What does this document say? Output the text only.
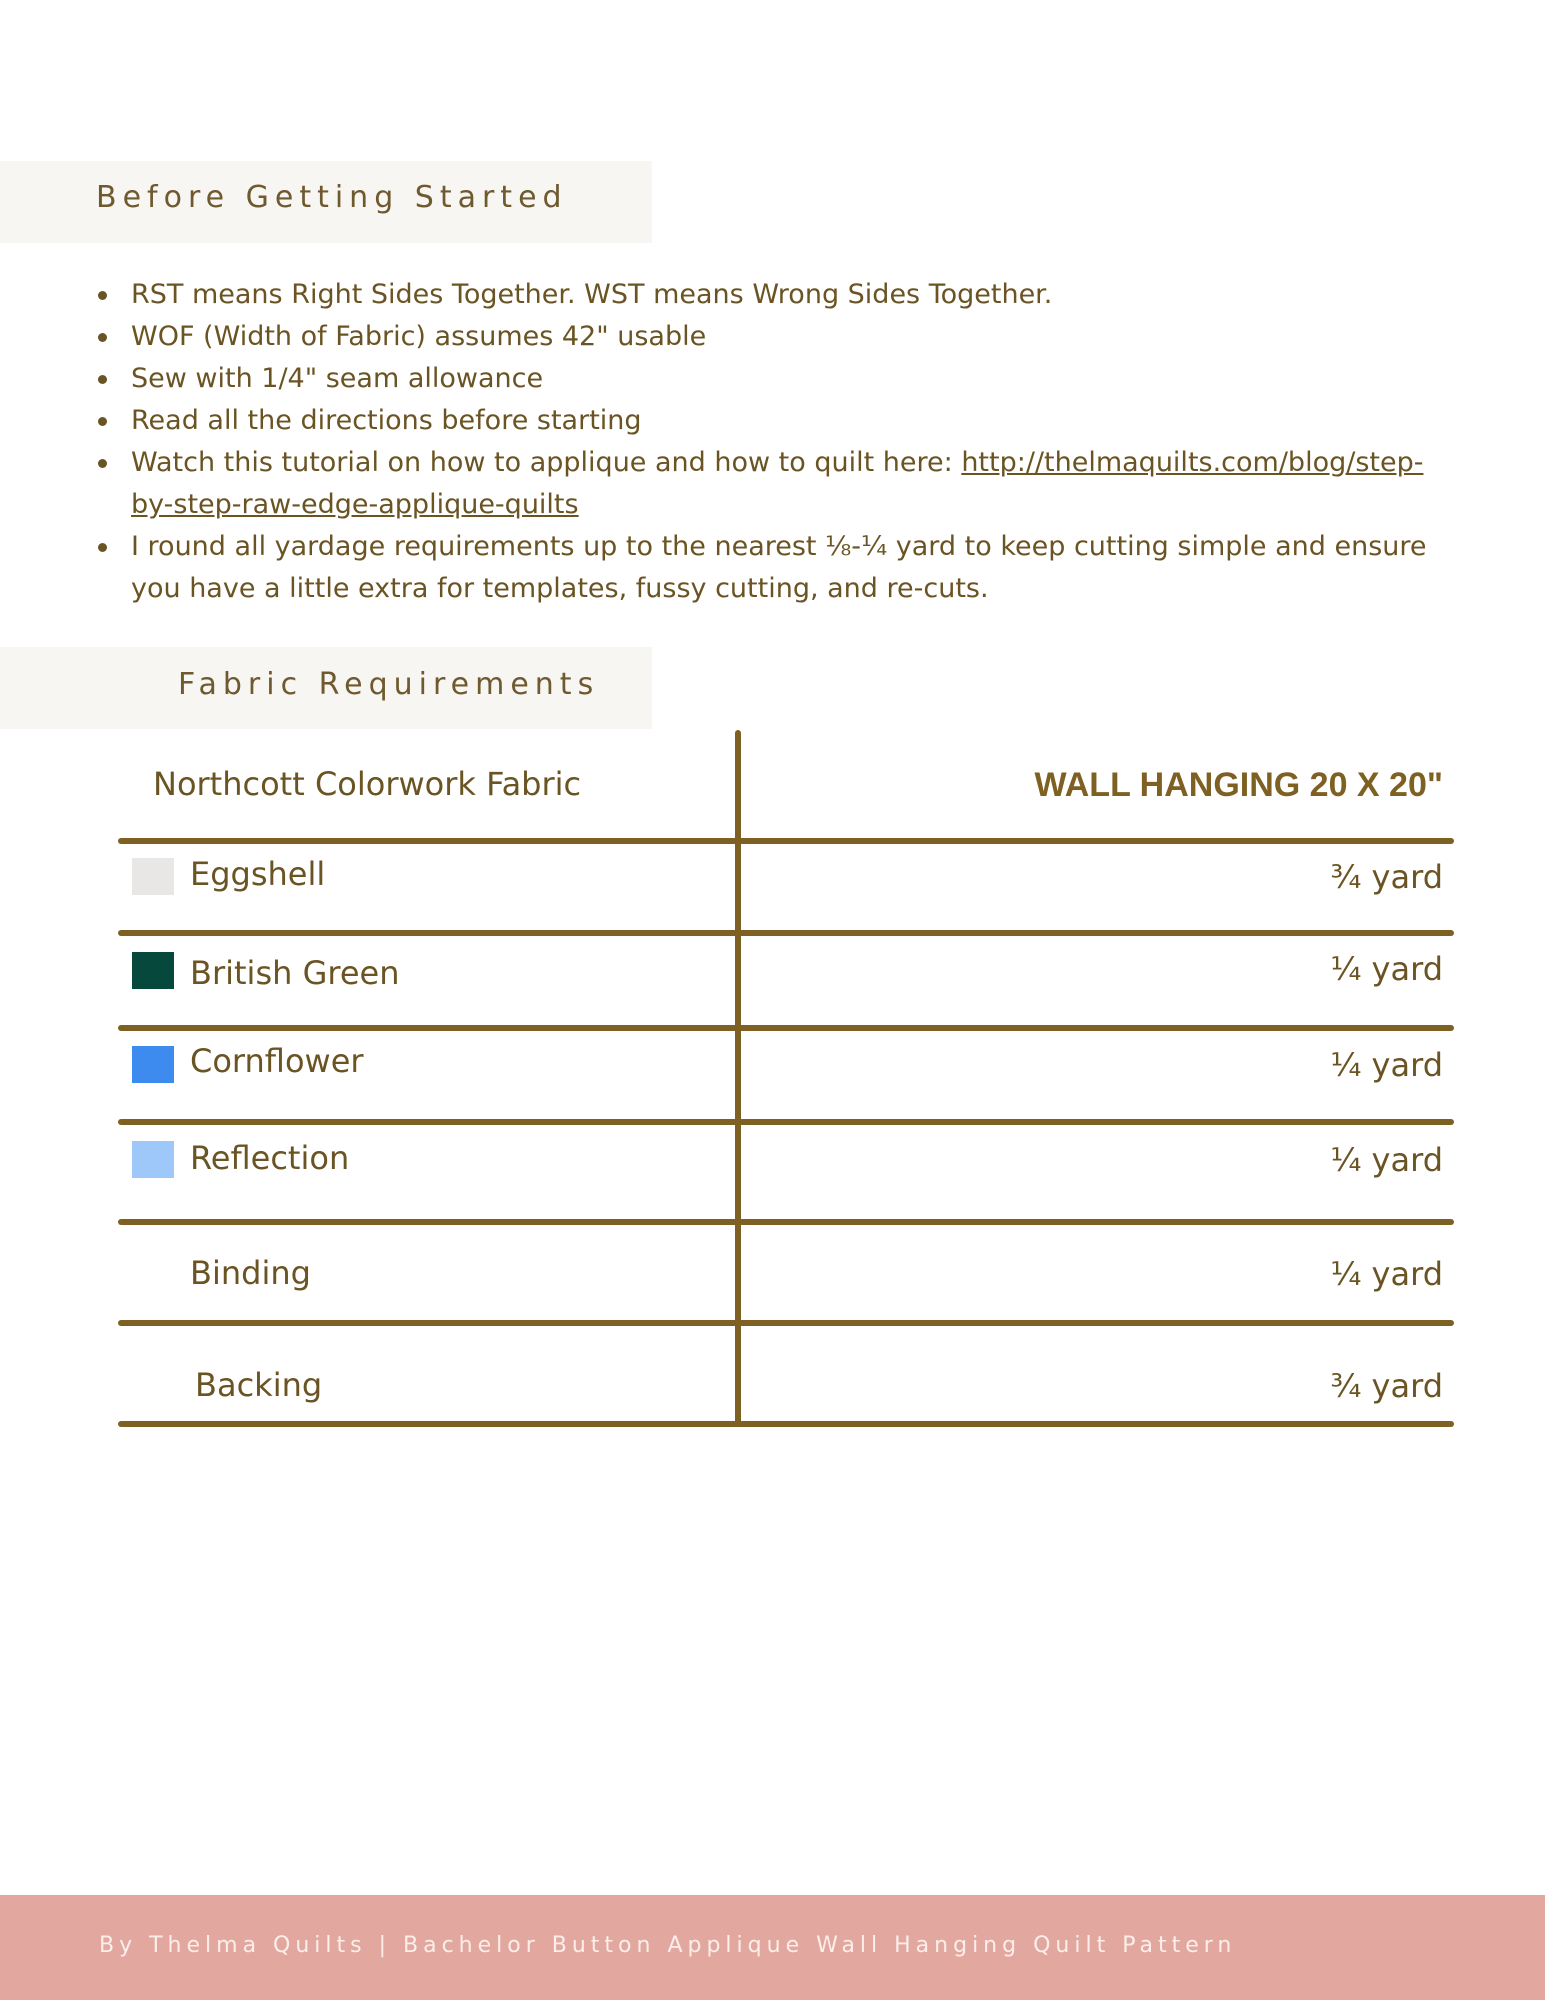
Before Getting Started
RST means Right Sides Together. WST means Wrong Sides Together.
WOF (Width of Fabric) assumes 42" usable
Sew with 1/4" seam allowance
Read all the directions before starting
Watch this tutorial on how to applique and how to quilt here: http://thelmaquilts.com/blog/step-by-step-raw-edge-applique-quilts
I round all yardage requirements up to the nearest ⅛-¼ yard to keep cutting simple and ensure you have a little extra for templates, fussy cutting, and re-cuts.
Fabric Requirements
Northcott Colorwork Fabric	WALL HANGING 20 X 20"
Eggshell	¾ yard
British Green	¼ yard
Cornflower	¼ yard
Reflection	¼ yard
Binding	¼ yard
Backing	¾ yard
By Thelma Quilts | Bachelor Button Applique Wall Hanging Quilt Pattern
